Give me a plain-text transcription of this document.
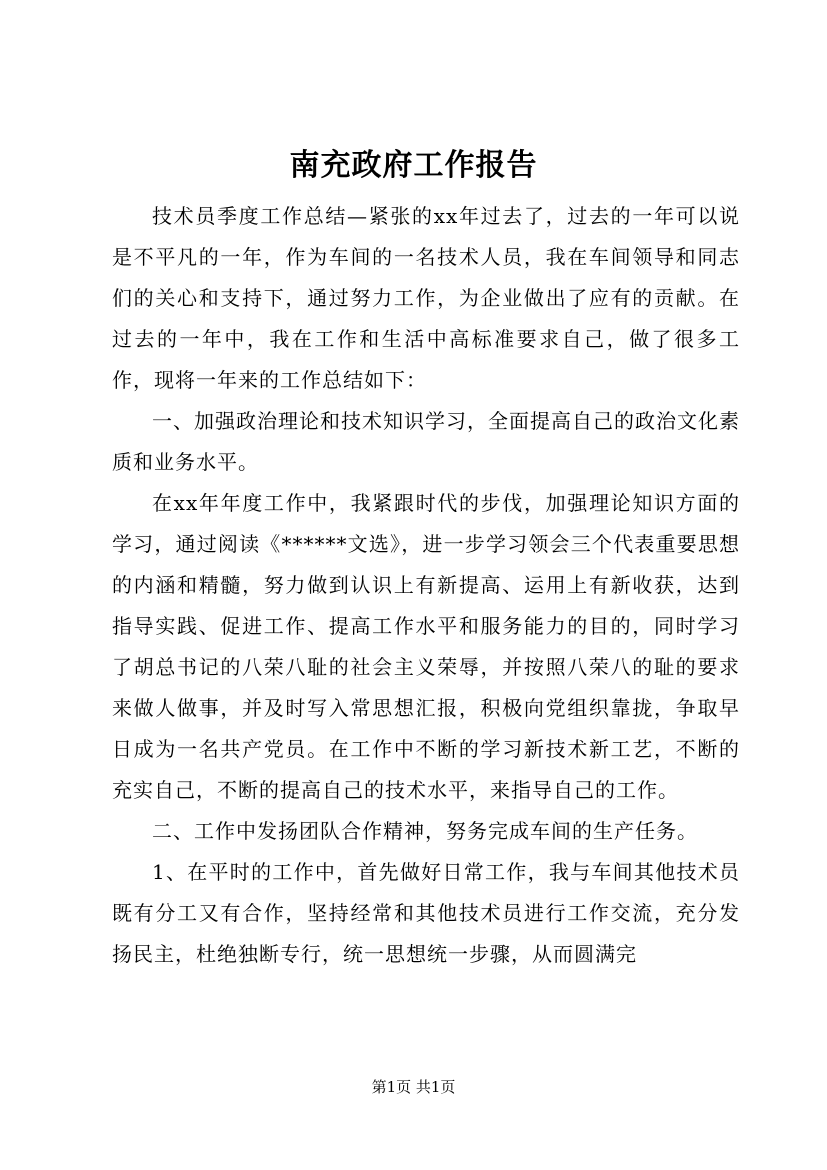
南充政府工作报告

技术员季度工作总结—紧张的xx年过去了，过去的一年可以说是不平凡的一年，作为车间的一名技术人员，我在车间领导和同志们的关心和支持下，通过努力工作，为企业做出了应有的贡献。在过去的一年中，我在工作和生活中高标准要求自己，做了很多工作，现将一年来的工作总结如下：

一、加强政治理论和技术知识学习，全面提高自己的政治文化素质和业务水平。

在xx年年度工作中，我紧跟时代的步伐，加强理论知识方面的学习，通过阅读《******文选》，进一步学习领会三个代表重要思想的内涵和精髓，努力做到认识上有新提高、运用上有新收获，达到指导实践、促进工作、提高工作水平和服务能力的目的，同时学习了胡总书记的八荣八耻的社会主义荣辱，并按照八荣八的耻的要求来做人做事，并及时写入常思想汇报，积极向党组织靠拢，争取早日成为一名共产党员。在工作中不断的学习新技术新工艺，不断的充实自己，不断的提高自己的技术水平，来指导自己的工作。

二、工作中发扬团队合作精神，努务完成车间的生产任务。

1、在平时的工作中，首先做好日常工作，我与车间其他技术员既有分工又有合作，坚持经常和其他技术员进行工作交流，充分发扬民主，杜绝独断专行，统一思想统一步骤，从而圆满完

第1页 共1页
